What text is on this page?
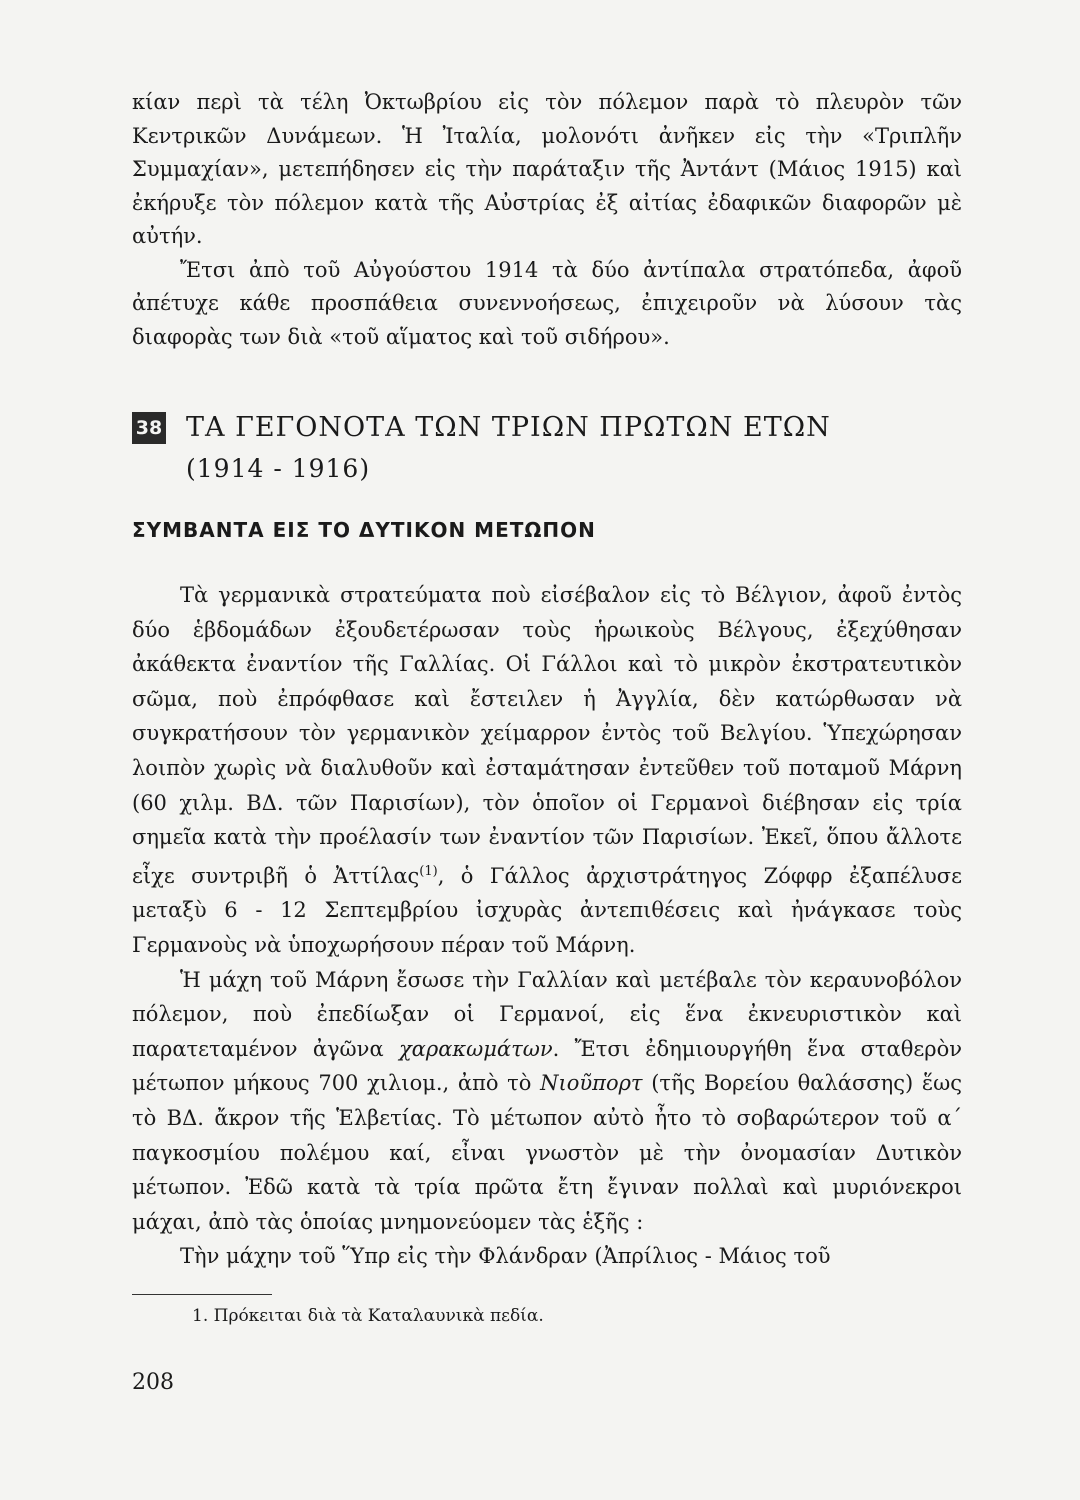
κίαν περὶ τὰ τέλη Ὀκτωβρίου εἰς τὸν πόλεμον παρὰ τὸ πλευρὸν τῶν Κεντρικῶν Δυνάμεων. Ἡ Ἰταλία, μολονότι ἀνῆκεν εἰς τὴν «Τριπλῆν Συμμαχίαν», μετεπήδησεν εἰς τὴν παράταξιν τῆς Ἀντάντ (Μάιος 1915) καὶ ἐκήρυξε τὸν πόλεμον κατὰ τῆς Αὐστρίας ἐξ αἰτίας ἐδαφικῶν διαφορῶν μὲ αὐτήν.

Ἔτσι ἀπὸ τοῦ Αὐγούστου 1914 τὰ δύο ἀντίπαλα στρατόπεδα, ἀφοῦ ἀπέτυχε κάθε προσπάθεια συνεννοήσεως, ἐπιχειροῦν νὰ λύσουν τὰς διαφορὰς των διὰ «τοῦ αἵματος καὶ τοῦ σιδήρου».

38 ΤΑ ΓΕΓΟΝΟΤΑ ΤΩΝ ΤΡΙΩΝ ΠΡΩΤΩΝ ΕΤΩΝ
(1914 - 1916)
ΣΥΜΒΑΝΤΑ ΕΙΣ ΤΟ ΔΥΤΙΚΟΝ ΜΕΤΩΠΟΝ

Τὰ γερμανικὰ στρατεύματα ποὺ εἰσέβαλον εἰς τὸ Βέλγιον, ἀφοῦ ἐντὸς δύο ἑβδομάδων ἐξουδετέρωσαν τοὺς ἡρωικοὺς Βέλγους, ἐξεχύθησαν ἀκάθεκτα ἐναντίον τῆς Γαλλίας. Οἱ Γάλλοι καὶ τὸ μικρὸν ἐκστρατευτικὸν σῶμα, ποὺ ἐπρόφθασε καὶ ἔστειλεν ἡ Ἀγγλία, δὲν κατώρθωσαν νὰ συγκρατήσουν τὸν γερμανικὸν χείμαρρον ἐντὸς τοῦ Βελγίου. Ὑπεχώρησαν λοιπὸν χωρὶς νὰ διαλυθοῦν καὶ ἐσταμάτησαν ἐντεῦθεν τοῦ ποταμοῦ Μάρνη (60 χιλμ. ΒΔ. τῶν Παρισίων), τὸν ὁποῖον οἱ Γερμανοὶ διέβησαν εἰς τρία σημεῖα κατὰ τὴν προέλασίν των ἐναντίον τῶν Παρισίων. Ἐκεῖ, ὅπου ἄλλοτε εἶχε συντριβῆ ὁ Ἀττίλας$^{(1)}$, ὁ Γάλλος ἀρχιστράτηγος Ζόφφρ ἐξαπέλυσε μεταξὺ 6 - 12 Σεπτεμβρίου ἰσχυρὰς ἀντεπιθέσεις καὶ ἠνάγκασε τοὺς Γερμανοὺς νὰ ὑποχωρήσουν πέραν τοῦ Μάρνη.

Ἡ μάχη τοῦ Μάρνη ἔσωσε τὴν Γαλλίαν καὶ μετέβαλε τὸν κεραυνοβόλον πόλεμον, ποὺ ἐπεδίωξαν οἱ Γερμανοί, εἰς ἕνα ἐκνευριστικὸν καὶ παρατεταμένον ἀγῶνα χαρακωμάτων. Ἔτσι ἐδημιουργήθη ἕνα σταθερὸν μέτωπον μήκους 700 χιλιομ., ἀπὸ τὸ Νιοῦπορτ (τῆς Βορείου θαλάσσης) ἕως τὸ ΒΔ. ἄκρον τῆς Ἑλβετίας. Τὸ μέτωπον αὐτὸ ἦτο τὸ σοβαρώτερον τοῦ α´ παγκοσμίου πολέμου καί, εἶναι γνωστὸν μὲ τὴν ὀνομασίαν Δυτικὸν μέτωπον. Ἐδῶ κατὰ τὰ τρία πρῶτα ἔτη ἔγιναν πολλαὶ καὶ μυριόνεκροι μάχαι, ἀπὸ τὰς ὁποίας μνημονεύομεν τὰς ἑξῆς :

Τὴν μάχην τοῦ Ὕπρ εἰς τὴν Φλάνδραν (Ἀπρίλιος - Μάιος τοῦ

1. Πρόκειται διὰ τὰ Καταλαυνικὰ πεδία.

208
